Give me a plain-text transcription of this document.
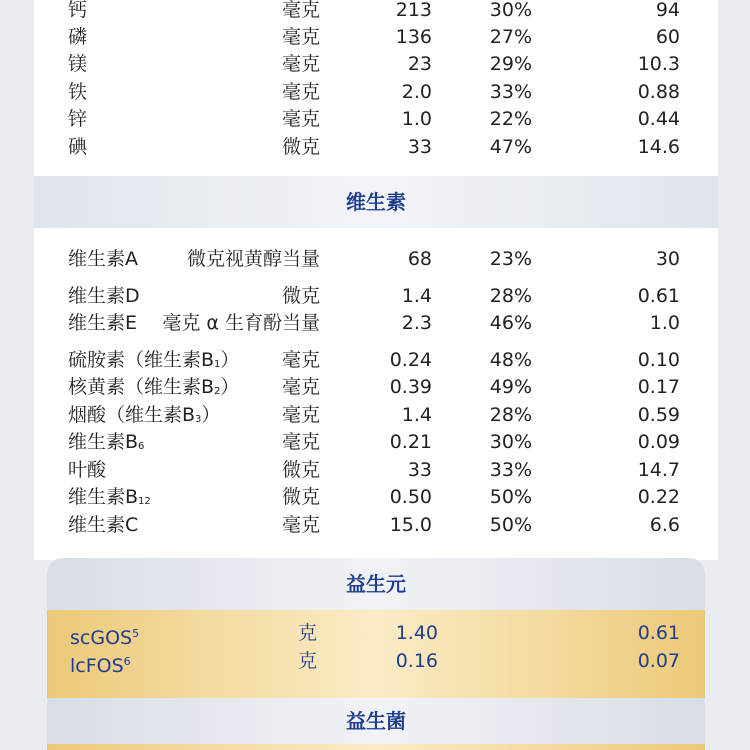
钙	毫克	213	30%	94
磷	毫克	136	27%	60
镁	毫克	23	29%	10.3
铁	毫克	2.0	33%	0.88
锌	毫克	1.0	22%	0.44
碘	微克	33	47%	14.6
维生素A	微克视黄醇当量	68	23%	30
维生素D	微克	1.4	28%	0.61
维生素E 毫克 α 生育酚当量	2.3	46%	1.0
硫胺素（维生素B1） 毫克	0.24	48%	0.10
核黄素（维生素B2） 毫克	0.39	49%	0.17
烟酸（维生素B3）	毫克	1.4	28%	0.59
维生素B6	毫克	0.21	30%	0.09
叶酸	微克	33	33%	14.7
维生素B12	微克	0.50	50%	0.22
维生素C	毫克	15.0	50%	6.6
维生素
益生元
scGOS$^5$	克	1.40	0.61
lcFOS$^6$	克	0.16	0.07
益生菌
